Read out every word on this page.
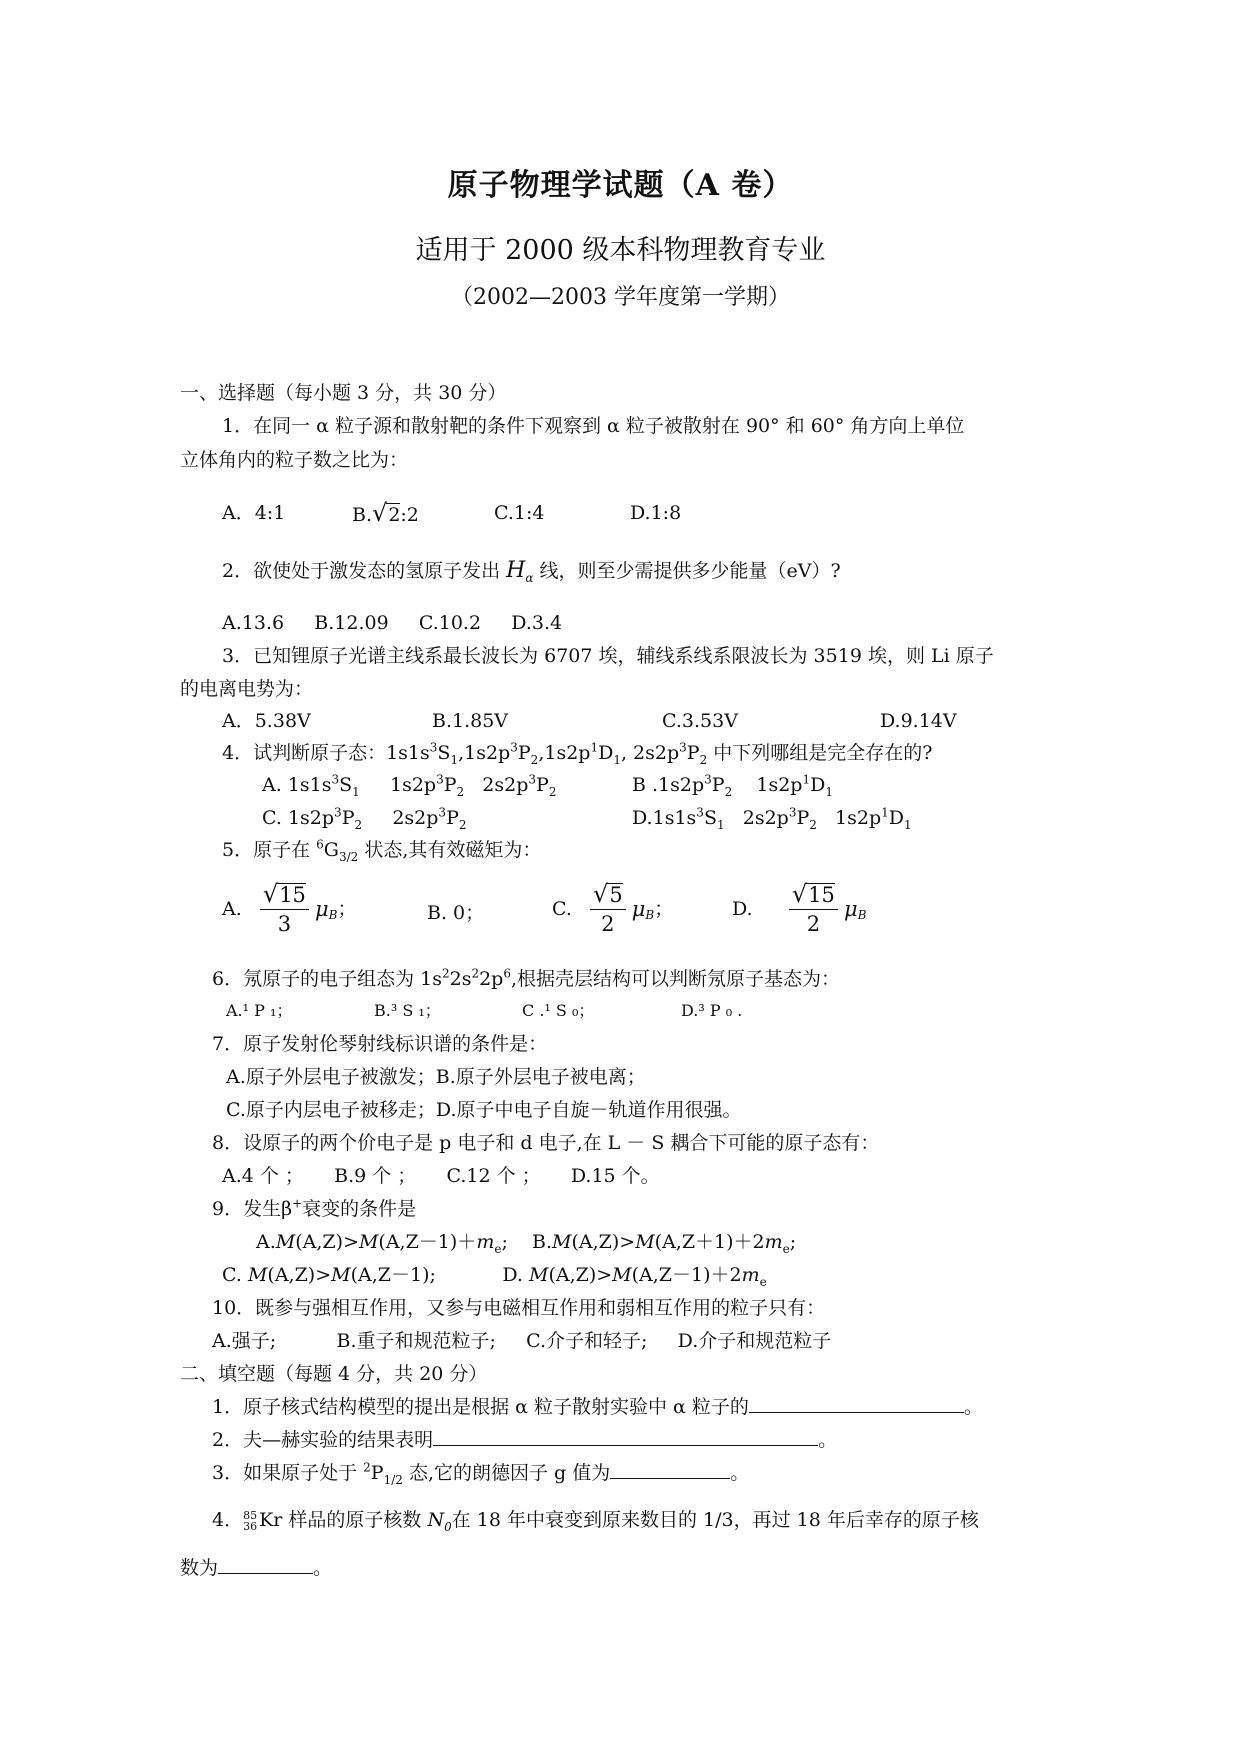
原子物理学试题（A 卷）
适用于 2000 级本科物理教育专业
（2002—2003 学年度第一学期）
一、选择题（每小题 3 分，共 30 分）
1．在同一 α 粒子源和散射靶的条件下观察到 α 粒子被散射在 90° 和 60° 角方向上单位
立体角内的粒子数之比为：
A．4:1	B.√2:2	C.1:4	D.1:8
2．欲使处于激发态的氢原子发出 $H_\alpha$ 线，则至少需提供多少能量（eV）?
A.13.6     B.12.09     C.10.2     D.3.4
3．已知锂原子光谱主线系最长波长为 6707 埃，辅线系线系限波长为 3519 埃，则 Li 原子
的电离电势为：
A．5.38V	B.1.85V	C.3.53V	D.9.14V
4．试判断原子态：$1s1s^3S_1,1s2p^3P_2,1s2p^1D_1$, $2s2p^3P_2$ 中下列哪组是完全存在的?
A. $1s1s^3S_1$     $1s2p^3P_2$   $2s2p^3P_2$	B $.1s2p^3P_2$    $1s2p^1D_1$
C. $1s2p^3P_2$     $2s2p^3P_2$	$D.1s1s^3S_1$   $2s2p^3P_2$   $1s2p^1D_1$
5．原子在 $^6G_{3/2}$ 状态,其有效磁矩为：
A. $\frac{√15}{3} \mu_B$；	B. 0；	C. $\frac{√5}{2} \mu_B$；	D. $\frac{√15}{2} \mu_B$
6．氖原子的电子组态为 $1s^22s^22p^6$,根据壳层结构可以判断氖原子基态为：
A.¹ P ₁；	B.³ S ₁；	C .¹ S ₀；	D.³ P ₀ .
7．原子发射伦琴射线标识谱的条件是：
A.原子外层电子被激发；B.原子外层电子被电离；
C.原子内层电子被移走；D.原子中电子自旋－轨道作用很强。
8．设原子的两个价电子是 p 电子和 d 电子,在 L － S 耦合下可能的原子态有：
A.4 个 ；     B.9 个 ；     C.12 个 ；     D.15 个。
9．发生β+衰变的条件是
$A.M(A,Z)>M(A,Z-1)+m_e$;    $B.M(A,Z)>M(A,Z+1)+2m_e$;
C. M(A,Z)>M(A,Z－1);           D. $M(A,Z)>M(A,Z-1)+2m_e$
10．既参与强相互作用，又参与电磁相互作用和弱相互作用的粒子只有：
A.强子;          B.重子和规范粒子;     C.介子和轻子;     D.介子和规范粒子
二、填空题（每题 4 分，共 20 分）
1．原子核式结构模型的提出是根据 α 粒子散射实验中 α 粒子的	。
2．夫—赫实验的结果表明	。
3．如果原子处于 $^2P_{1/2}$ 态,它的朗德因子 g 值为	。
4． 85
36 Kr 样品的原子核数 $N_0$在 18 年中衰变到原来数目的 1/3，再过 18 年后幸存的原子核
数为	。
